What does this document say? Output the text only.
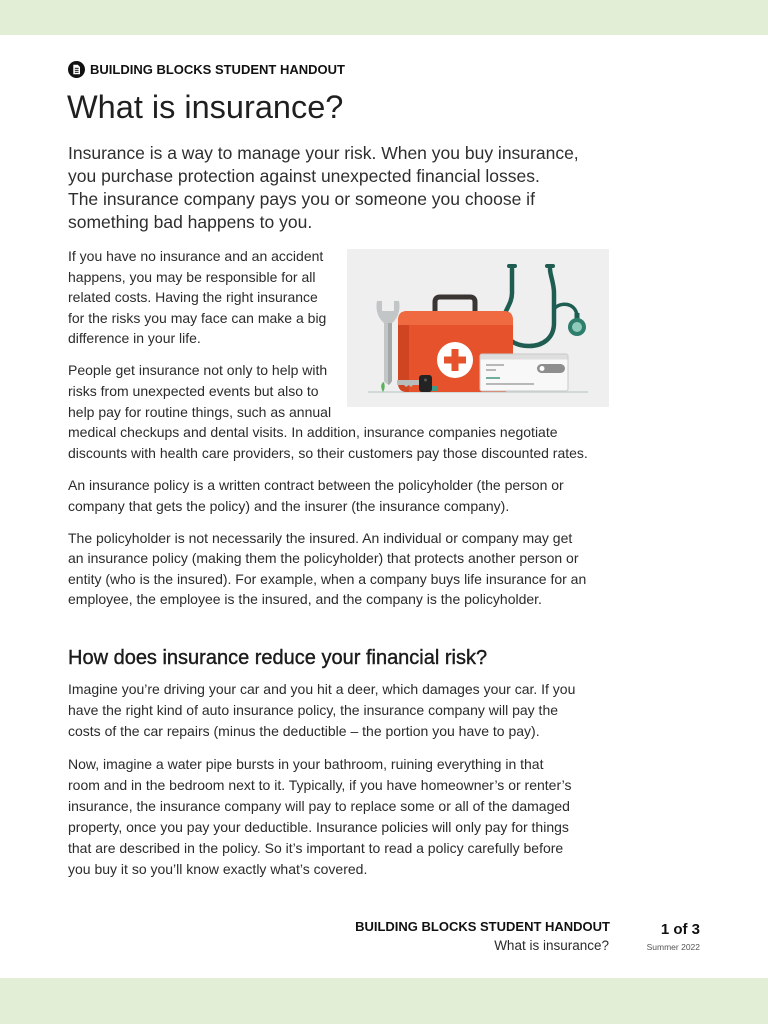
BUILDING BLOCKS STUDENT HANDOUT
What is insurance?
Insurance is a way to manage your risk. When you buy insurance,
you purchase protection against unexpected financial losses.
The insurance company pays you or someone you choose if
something bad happens to you.
If you have no insurance and an accident
happens, you may be responsible for all
related costs. Having the right insurance
for the risks you may face can make a big
difference in your life.
People get insurance not only to help with
risks from unexpected events but also to
help pay for routine things, such as annual
medical checkups and dental visits. In addition, insurance companies negotiate
discounts with health care providers, so their customers pay those discounted rates.
An insurance policy is a written contract between the policyholder (the person or
company that gets the policy) and the insurer (the insurance company).
The policyholder is not necessarily the insured. An individual or company may get
an insurance policy (making them the policyholder) that protects another person or
entity (who is the insured). For example, when a company buys life insurance for an
employee, the employee is the insured, and the company is the policyholder.
How does insurance reduce your financial risk?
Imagine you’re driving your car and you hit a deer, which damages your car. If you
have the right kind of auto insurance policy, the insurance company will pay the
costs of the car repairs (minus the deductible – the portion you have to pay).
Now, imagine a water pipe bursts in your bathroom, ruining everything in that
room and in the bedroom next to it. Typically, if you have homeowner’s or renter’s
insurance, the insurance company will pay to replace some or all of the damaged
property, once you pay your deductible. Insurance policies will only pay for things
that are described in the policy. So it’s important to read a policy carefully before
you buy it so you’ll know exactly what’s covered.
BUILDING BLOCKS STUDENT HANDOUT
What is insurance?
1 of 3
Summer 2022
